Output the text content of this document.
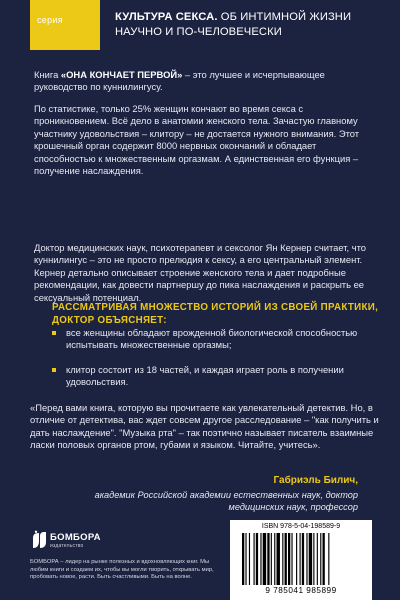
серия	КУЛЬТУРА СЕКСА. ОБ ИНТИМНОЙ ЖИЗНИ НАУЧНО И ПО-ЧЕЛОВЕЧЕСКИ
Книга «ОНА КОНЧАЕТ ПЕРВОЙ» – это лучшее и исчерпывающее руководство по куннилингусу.
По статистике, только 25% женщин кончают во время секса с проникновением. Всё дело в анатомии женского тела. Зачастую главному участнику удовольствия – клитору – не достается нужного внимания. Этот крошечный орган содержит 8000 нервных окончаний и обладает способностью к множественным оргазмам. А единственная его функция – получение наслаждения.
Доктор медицинских наук, психотерапевт и сексолог Ян Кернер считает, что куннилингус – это не просто прелюдия к сексу, а его центральный элемент. Кернер детально описывает строение женского тела и дает подробные рекомендации, как довести партнершу до пика наслаждения и раскрыть ее сексуальный потенциал.
РАССМАТРИВАЯ МНОЖЕСТВО ИСТОРИЙ ИЗ СВОЕЙ ПРАКТИКИ, ДОКТОР ОБЪЯСНЯЕТ:
все женщины обладают врожденной биологической способностью испытывать множественные оргазмы;
клитор состоит из 18 частей, и каждая играет роль в получении удовольствия.
«Перед вами книга, которую вы прочитаете как увлекательный детектив. Но, в отличие от детектива, вас ждет совсем другое расследование – "как получить и дать наслаждение". "Музыка рта" – так поэтично называет писатель взаимные ласки половых органов ртом, губами и языком. Читайте, учитесь».
Габриэль Билич,
академик Российской академии естественных наук, доктор медицинских наук, профессор
БОМБОРА
издательство
БОМБОРА – лидер на рынке полезных и вдохновляющих книг. Мы любим книги и создаем их, чтобы вы могли творить, открывать мир, пробовать новое, расти. Быть счастливыми. Быть на волне.
ISBN 978-5-04-198589-9
9 785041 985899
